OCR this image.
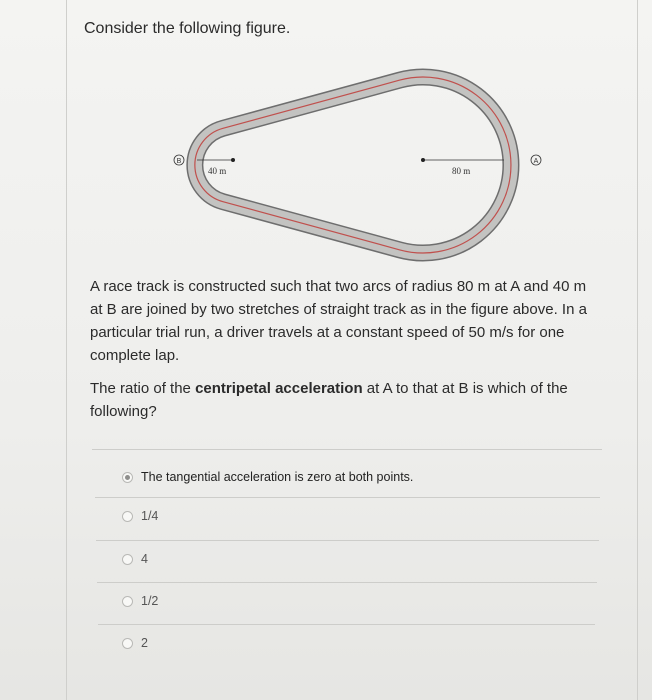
Consider the following figure.
40 m	80 m
B	A
A race track is constructed such that two arcs of radius 80 m at A and 40 m at B are joined by two stretches of straight track as in the figure above. In a particular trial run, a driver travels at a constant speed of 50 m/s for one complete lap.
The ratio of the centripetal acceleration at A to that at B is which of the following?
The tangential acceleration is zero at both points.
1/4
4
1/2
2
